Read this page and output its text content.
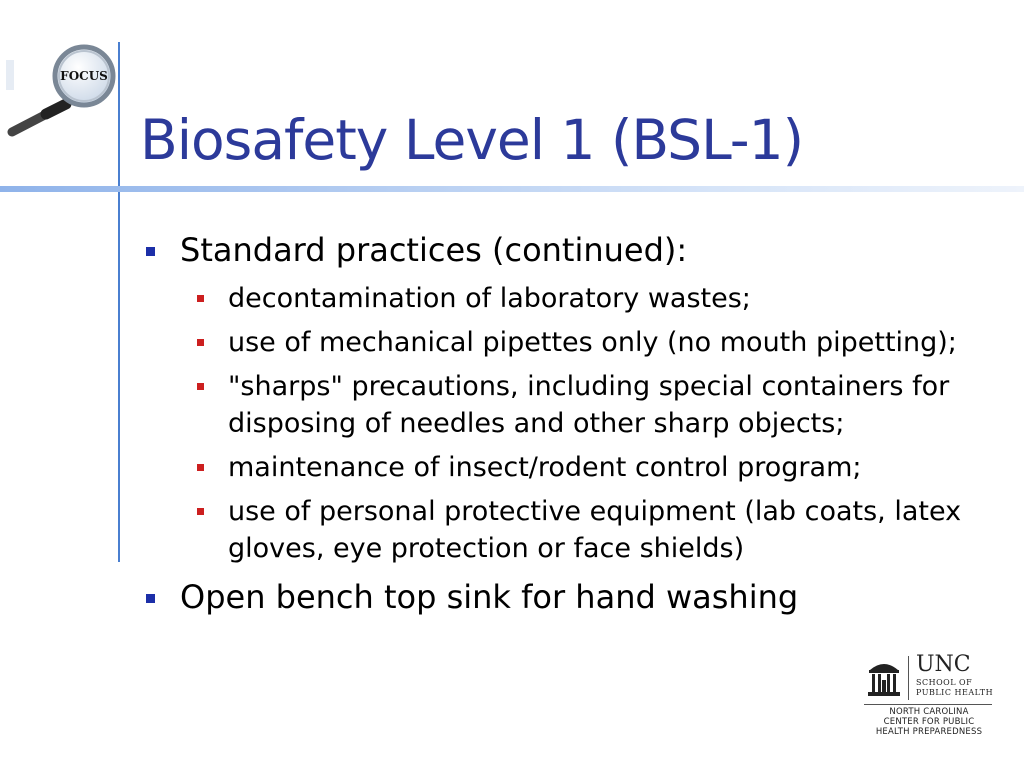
FOCUS
Biosafety Level 1 (BSL-1)
Standard practices (continued):
decontamination of laboratory wastes;
use of mechanical pipettes only (no mouth pipetting);
"sharps" precautions, including special containers for disposing of needles and other sharp objects;
maintenance of insect/rodent control program;
use of personal protective equipment (lab coats, latex gloves, eye protection or face shields)
Open bench top sink for hand washing
UNC
SCHOOL OF
PUBLIC HEALTH
NORTH CAROLINA
CENTER FOR PUBLIC
HEALTH PREPAREDNESS
